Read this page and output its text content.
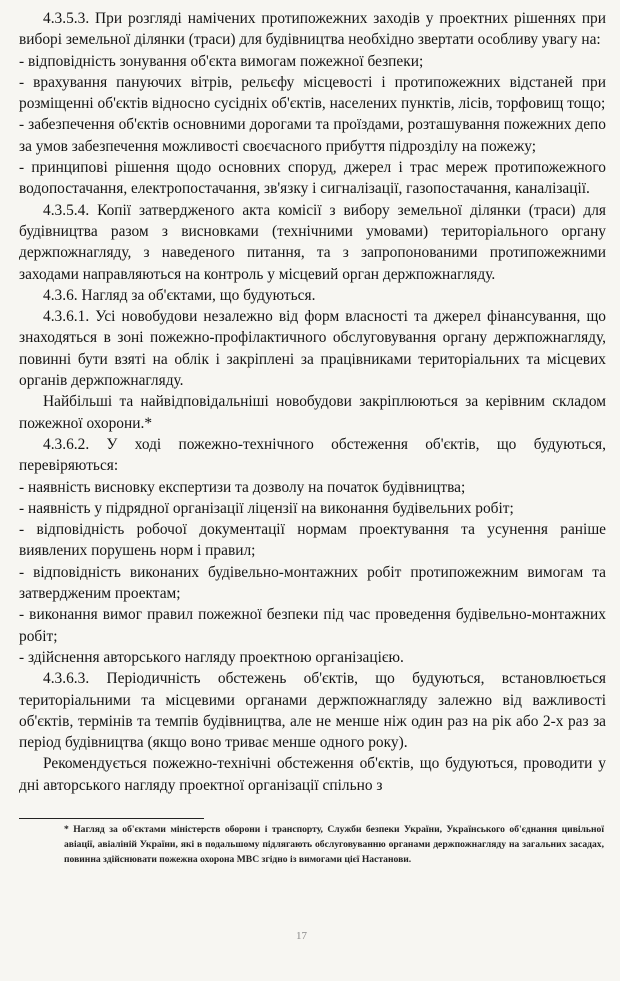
4.3.5.3. При розгляді намічених протипожежних заходів у проектних рішеннях при виборі земельної ділянки (траси) для будівництва необхідно звертати особливу увагу на:

- відповідність зонування об'єкта вимогам пожежної безпеки;

- врахування пануючих вітрів, рельєфу місцевості і протипожежних відстаней при розміщенні об'єктів відносно сусідніх об'єктів, населених пунктів, лісів, торфовищ тощо;

- забезпечення об'єктів основними дорогами та проїздами, розташування пожежних депо за умов забезпечення можливості своєчасного прибуття підрозділу на пожежу;

- принципові рішення щодо основних споруд, джерел і трас мереж протипожежного водопостачання, електропостачання, зв'язку і сигналізації, газопостачання, каналізації.

4.3.5.4. Копії затвердженого акта комісії з вибору земельної ділянки (траси) для будівництва разом з висновками (технічними умовами) територіального органу держпожнагляду, з наведеного питання, та з запропонованими протипожежними заходами направляються на контроль у місцевий орган держпожнагляду.

4.3.6. Нагляд за об'єктами, що будуються.

4.3.6.1. Усі новобудови незалежно від форм власності та джерел фінансування, що знаходяться в зоні пожежно-профілактичного обслуговування органу держпожнагляду, повинні бути взяті на облік і закріплені за працівниками територіальних та місцевих органів держпожнагляду.

Найбільші та найвідповідальніші новобудови закріплюються за керівним складом пожежної охорони.*

4.3.6.2. У ході пожежно-технічного обстеження об'єктів, що будуються, перевіряються:

- наявність висновку експертизи та дозволу на початок будівництва;

- наявність у підрядної організації ліцензії на виконання будівельних робіт;

- відповідність робочої документації нормам проектування та усунення раніше виявлених порушень норм і правил;

- відповідність виконаних будівельно-монтажних робіт протипожежним вимогам та затвердженим проектам;

- виконання вимог правил пожежної безпеки під час проведення будівельно-монтажних робіт;

- здійснення авторського нагляду проектною організацією.

4.3.6.3. Періодичність обстежень об'єктів, що будуються, встановлюється територіальними та місцевими органами держпожнагляду залежно від важливості об'єктів, термінів та темпів будівництва, але не менше ніж один раз на рік або 2-х раз за період будівництва (якщо воно триває менше одного року).

Рекомендується пожежно-технічні обстеження об'єктів, що будуються, проводити у дні авторського нагляду проектної організації спільно з

* Нагляд за об'єктами міністерств оборони і транспорту, Служби безпеки України, Українського об'єднання цивільної авіації, авіаліній України, які в подальшому підлягають обслуговуванню органами держпожнагляду на загальних засадах, повинна здійснювати пожежна охорона МВС згідно із вимогами цієї Настанови.
17
